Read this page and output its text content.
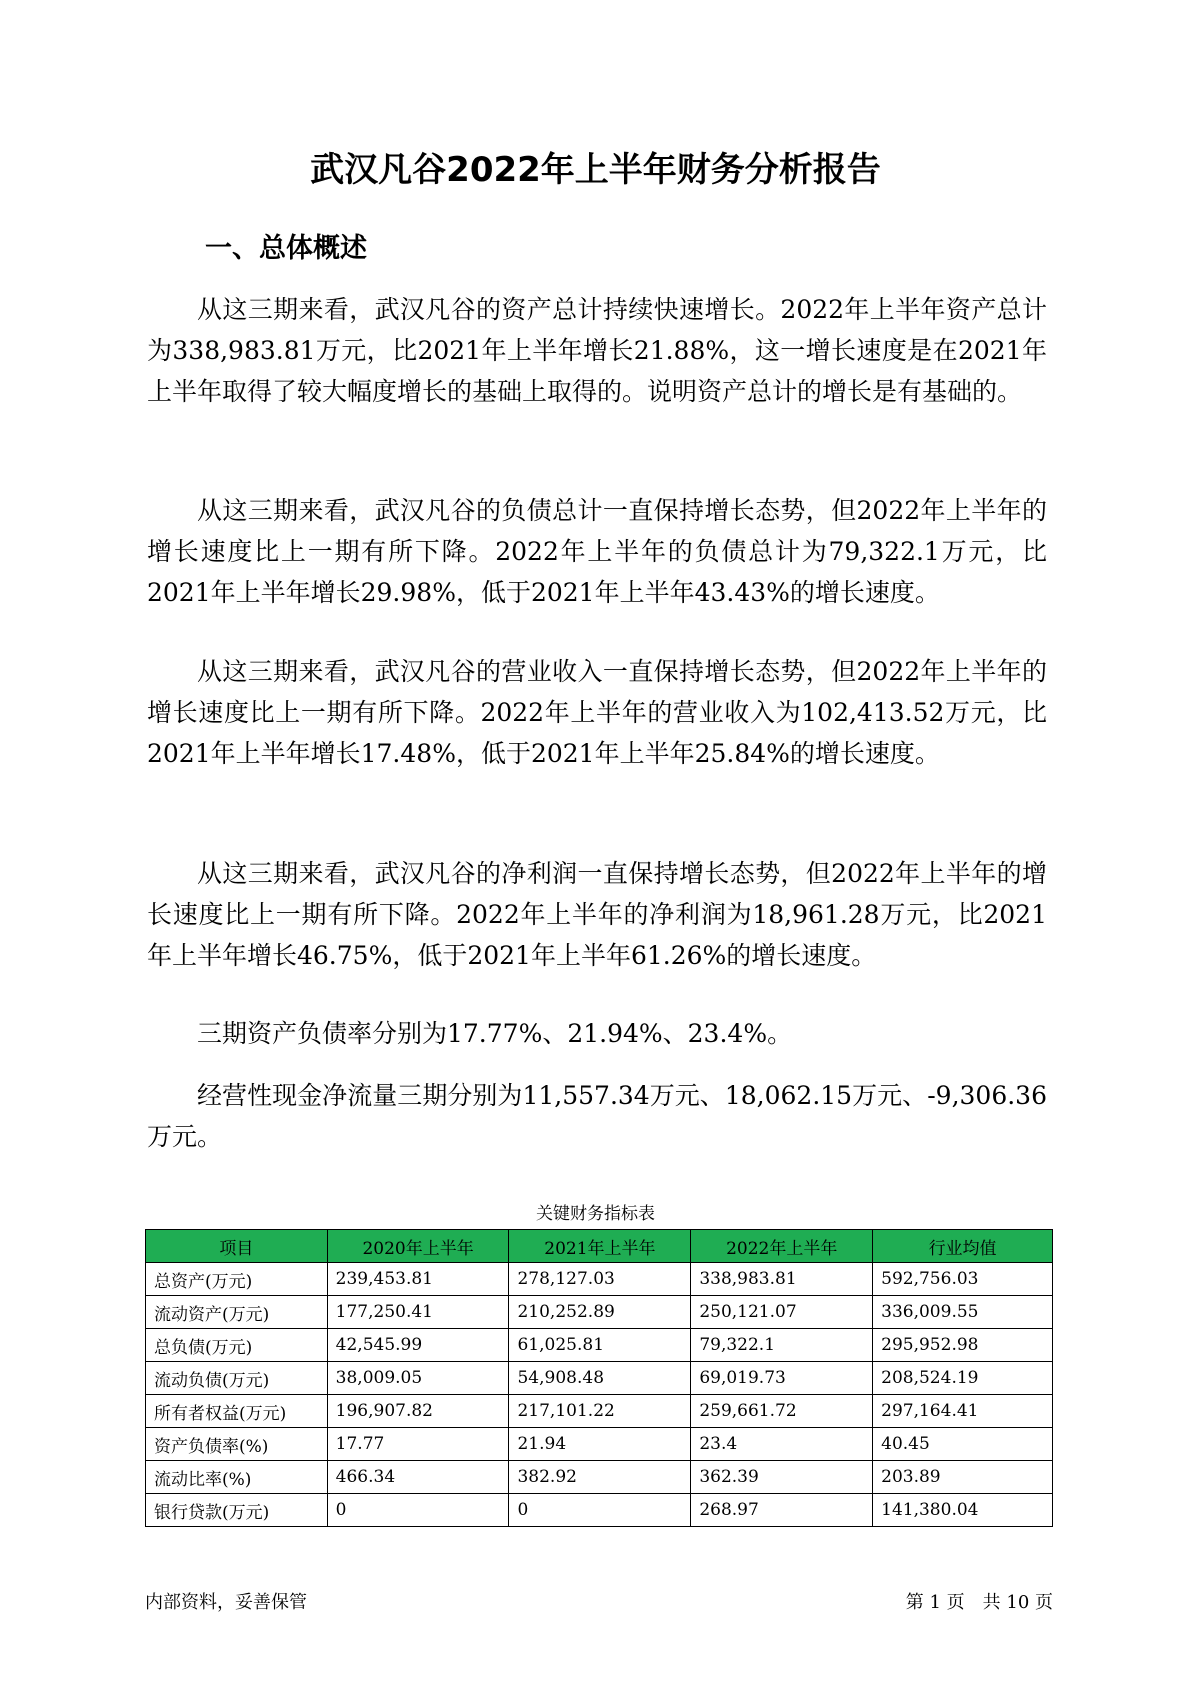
武汉凡谷2022年上半年财务分析报告
一、总体概述

从这三期来看，武汉凡谷的资产总计持续快速增长。2022年上半年资产总计为338,983.81万元，比2021年上半年增长21.88%，这一增长速度是在2021年上半年取得了较大幅度增长的基础上取得的。说明资产总计的增长是有基础的。

从这三期来看，武汉凡谷的负债总计一直保持增长态势，但2022年上半年的增长速度比上一期有所下降。2022年上半年的负债总计为79,322.1万元，比2021年上半年增长29.98%，低于2021年上半年43.43%的增长速度。

从这三期来看，武汉凡谷的营业收入一直保持增长态势，但2022年上半年的增长速度比上一期有所下降。2022年上半年的营业收入为102,413.52万元，比2021年上半年增长17.48%，低于2021年上半年25.84%的增长速度。

从这三期来看，武汉凡谷的净利润一直保持增长态势，但2022年上半年的增长速度比上一期有所下降。2022年上半年的净利润为18,961.28万元，比2021年上半年增长46.75%，低于2021年上半年61.26%的增长速度。

三期资产负债率分别为17.77%、21.94%、23.4%。

经营性现金净流量三期分别为11,557.34万元、18,062.15万元、-9,306.36万元。

关键财务指标表
项目	2020年上半年	2021年上半年	2022年上半年	行业均值
总资产(万元)	239,453.81	278,127.03	338,983.81	592,756.03
流动资产(万元)	177,250.41	210,252.89	250,121.07	336,009.55
总负债(万元)	42,545.99	61,025.81	79,322.1	295,952.98
流动负债(万元)	38,009.05	54,908.48	69,019.73	208,524.19
所有者权益(万元)	196,907.82	217,101.22	259,661.72	297,164.41
资产负债率(%)	17.77	21.94	23.4	40.45
流动比率(%)	466.34	382.92	362.39	203.89
银行贷款(万元)	0	0	268.97	141,380.04
内部资料，妥善保管	第 1 页　共 10 页
